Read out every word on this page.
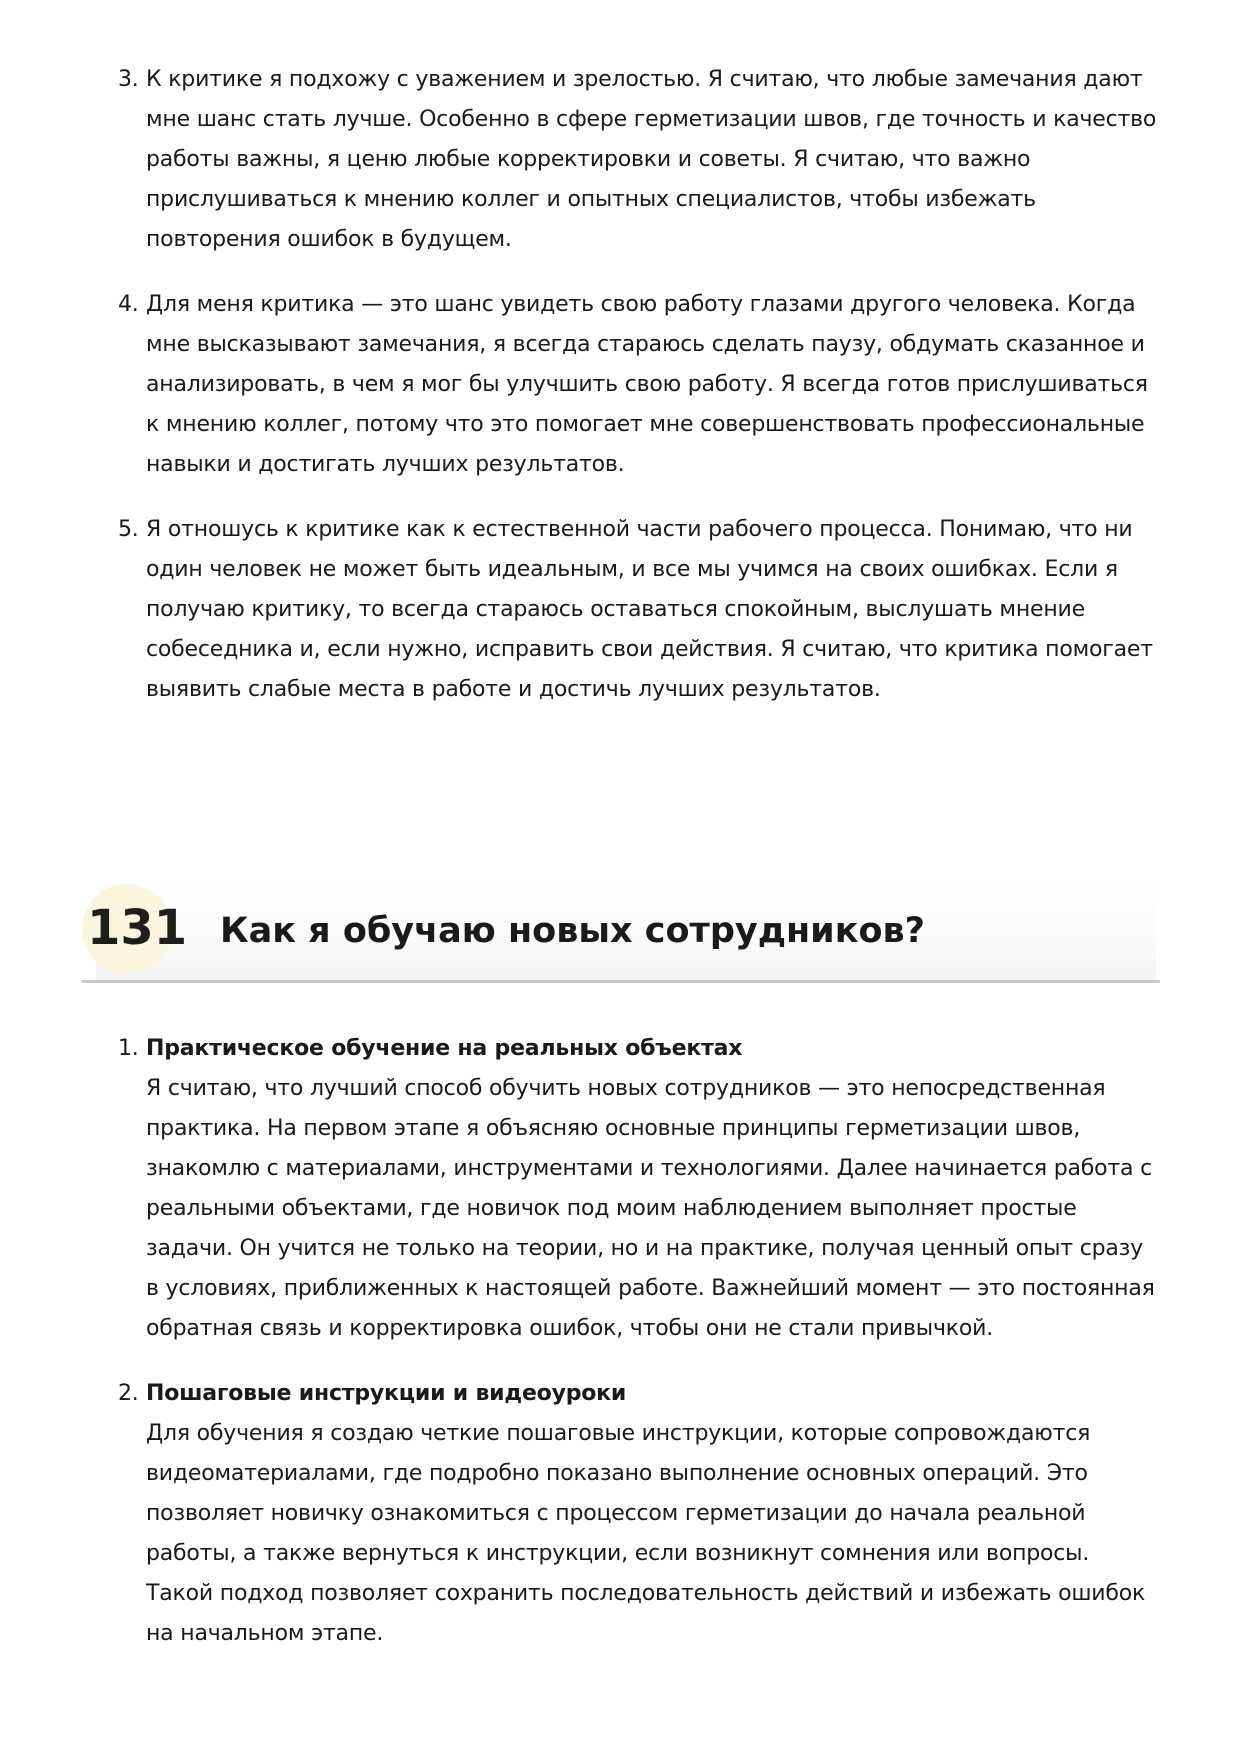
3. К критике я подхожу с уважением и зрелостью. Я считаю, что любые замечания дают мне шанс стать лучше. Особенно в сфере герметизации швов, где точность и качество работы важны, я ценю любые корректировки и советы. Я считаю, что важно прислушиваться к мнению коллег и опытных специалистов, чтобы избежать повторения ошибок в будущем.
4. Для меня критика — это шанс увидеть свою работу глазами другого человека. Когда мне высказывают замечания, я всегда стараюсь сделать паузу, обдумать сказанное и анализировать, в чем я мог бы улучшить свою работу. Я всегда готов прислушиваться к мнению коллег, потому что это помогает мне совершенствовать профессиональные навыки и достигать лучших результатов.
5. Я отношусь к критике как к естественной части рабочего процесса. Понимаю, что ни один человек не может быть идеальным, и все мы учимся на своих ошибках. Если я получаю критику, то всегда стараюсь оставаться спокойным, выслушать мнение собеседника и, если нужно, исправить свои действия. Я считаю, что критика помогает выявить слабые места в работе и достичь лучших результатов.
131 Как я обучаю новых сотрудников?
1. Практическое обучение на реальных объектах
Я считаю, что лучший способ обучить новых сотрудников — это непосредственная практика. На первом этапе я объясняю основные принципы герметизации швов, знакомлю с материалами, инструментами и технологиями. Далее начинается работа с реальными объектами, где новичок под моим наблюдением выполняет простые задачи. Он учится не только на теории, но и на практике, получая ценный опыт сразу в условиях, приближенных к настоящей работе. Важнейший момент — это постоянная обратная связь и корректировка ошибок, чтобы они не стали привычкой.
2. Пошаговые инструкции и видеоуроки
Для обучения я создаю четкие пошаговые инструкции, которые сопровождаются видеоматериалами, где подробно показано выполнение основных операций. Это позволяет новичку ознакомиться с процессом герметизации до начала реальной работы, а также вернуться к инструкции, если возникнут сомнения или вопросы. Такой подход позволяет сохранить последовательность действий и избежать ошибок на начальном этапе.
